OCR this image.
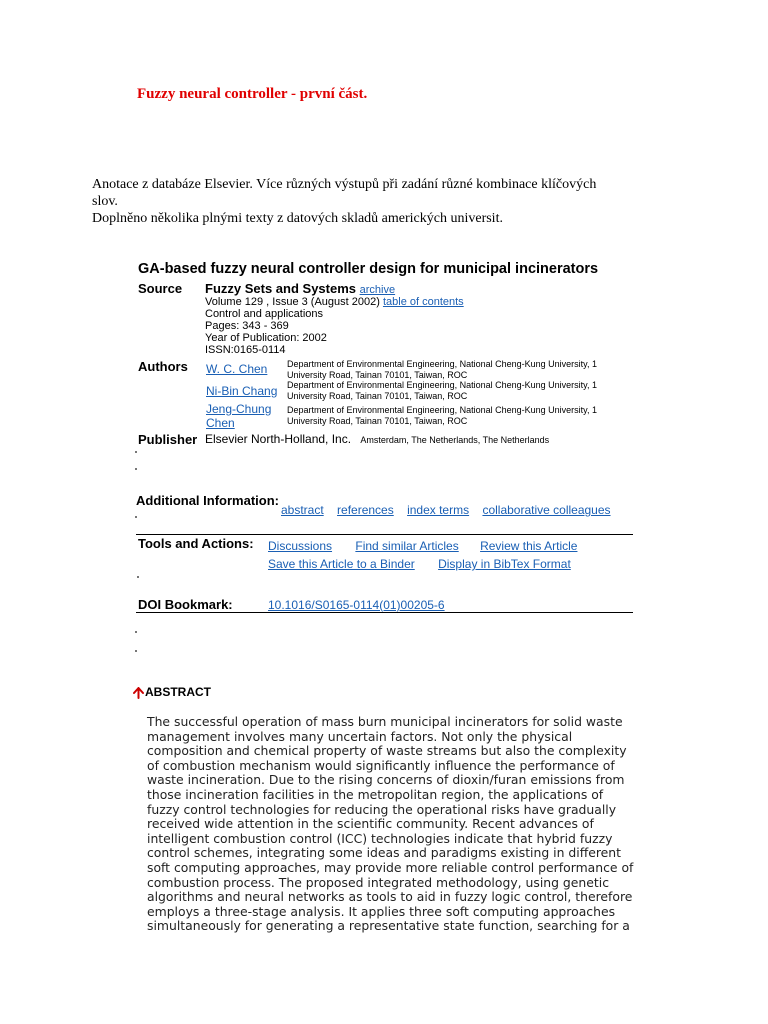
Fuzzy neural controller - první část.
Anotace z databáze Elsevier. Více různých výstupů při zadání různé kombinace klíčových
slov.
Doplněno několika plnými texty z datových skladů amerických universit.
GA-based fuzzy neural controller design for municipal incinerators
Source Fuzzy Sets and Systems archive
Volume 129 , Issue 3 (August 2002) table of contents
Control and applications
Pages: 343 - 369
Year of Publication: 2002
ISSN:0165-0114
Authors W. C. Chen Department of Environmental Engineering, National Cheng-Kung University, 1
University Road, Tainan 70101, Taiwan, ROC
Ni-Bin Chang Department of Environmental Engineering, National Cheng-Kung University, 1
University Road, Tainan 70101, Taiwan, ROC
Jeng-Chung
Chen
Department of Environmental Engineering, National Cheng-Kung University, 1
University Road, Tainan 70101, Taiwan, ROC
Publisher Elsevier North-Holland, Inc. Amsterdam, The Netherlands, The Netherlands
Additional Information:
abstract references index terms collaborative colleagues
Tools and Actions: Discussions Find similar Articles Review this Article
Save this Article to a Binder Display in BibTex Format
DOI Bookmark:	10.1016/S0165-0114(01)00205-6
ABSTRACT
The successful operation of mass burn municipal incinerators for solid waste
management involves many uncertain factors. Not only the physical
composition and chemical property of waste streams but also the complexity
of combustion mechanism would significantly influence the performance of
waste incineration. Due to the rising concerns of dioxin/furan emissions from
those incineration facilities in the metropolitan region, the applications of
fuzzy control technologies for reducing the operational risks have gradually
received wide attention in the scientific community. Recent advances of
intelligent combustion control (ICC) technologies indicate that hybrid fuzzy
control schemes, integrating some ideas and paradigms existing in different
soft computing approaches, may provide more reliable control performance of
combustion process. The proposed integrated methodology, using genetic
algorithms and neural networks as tools to aid in fuzzy logic control, therefore
employs a three-stage analysis. It applies three soft computing approaches
simultaneously for generating a representative state function, searching for a
